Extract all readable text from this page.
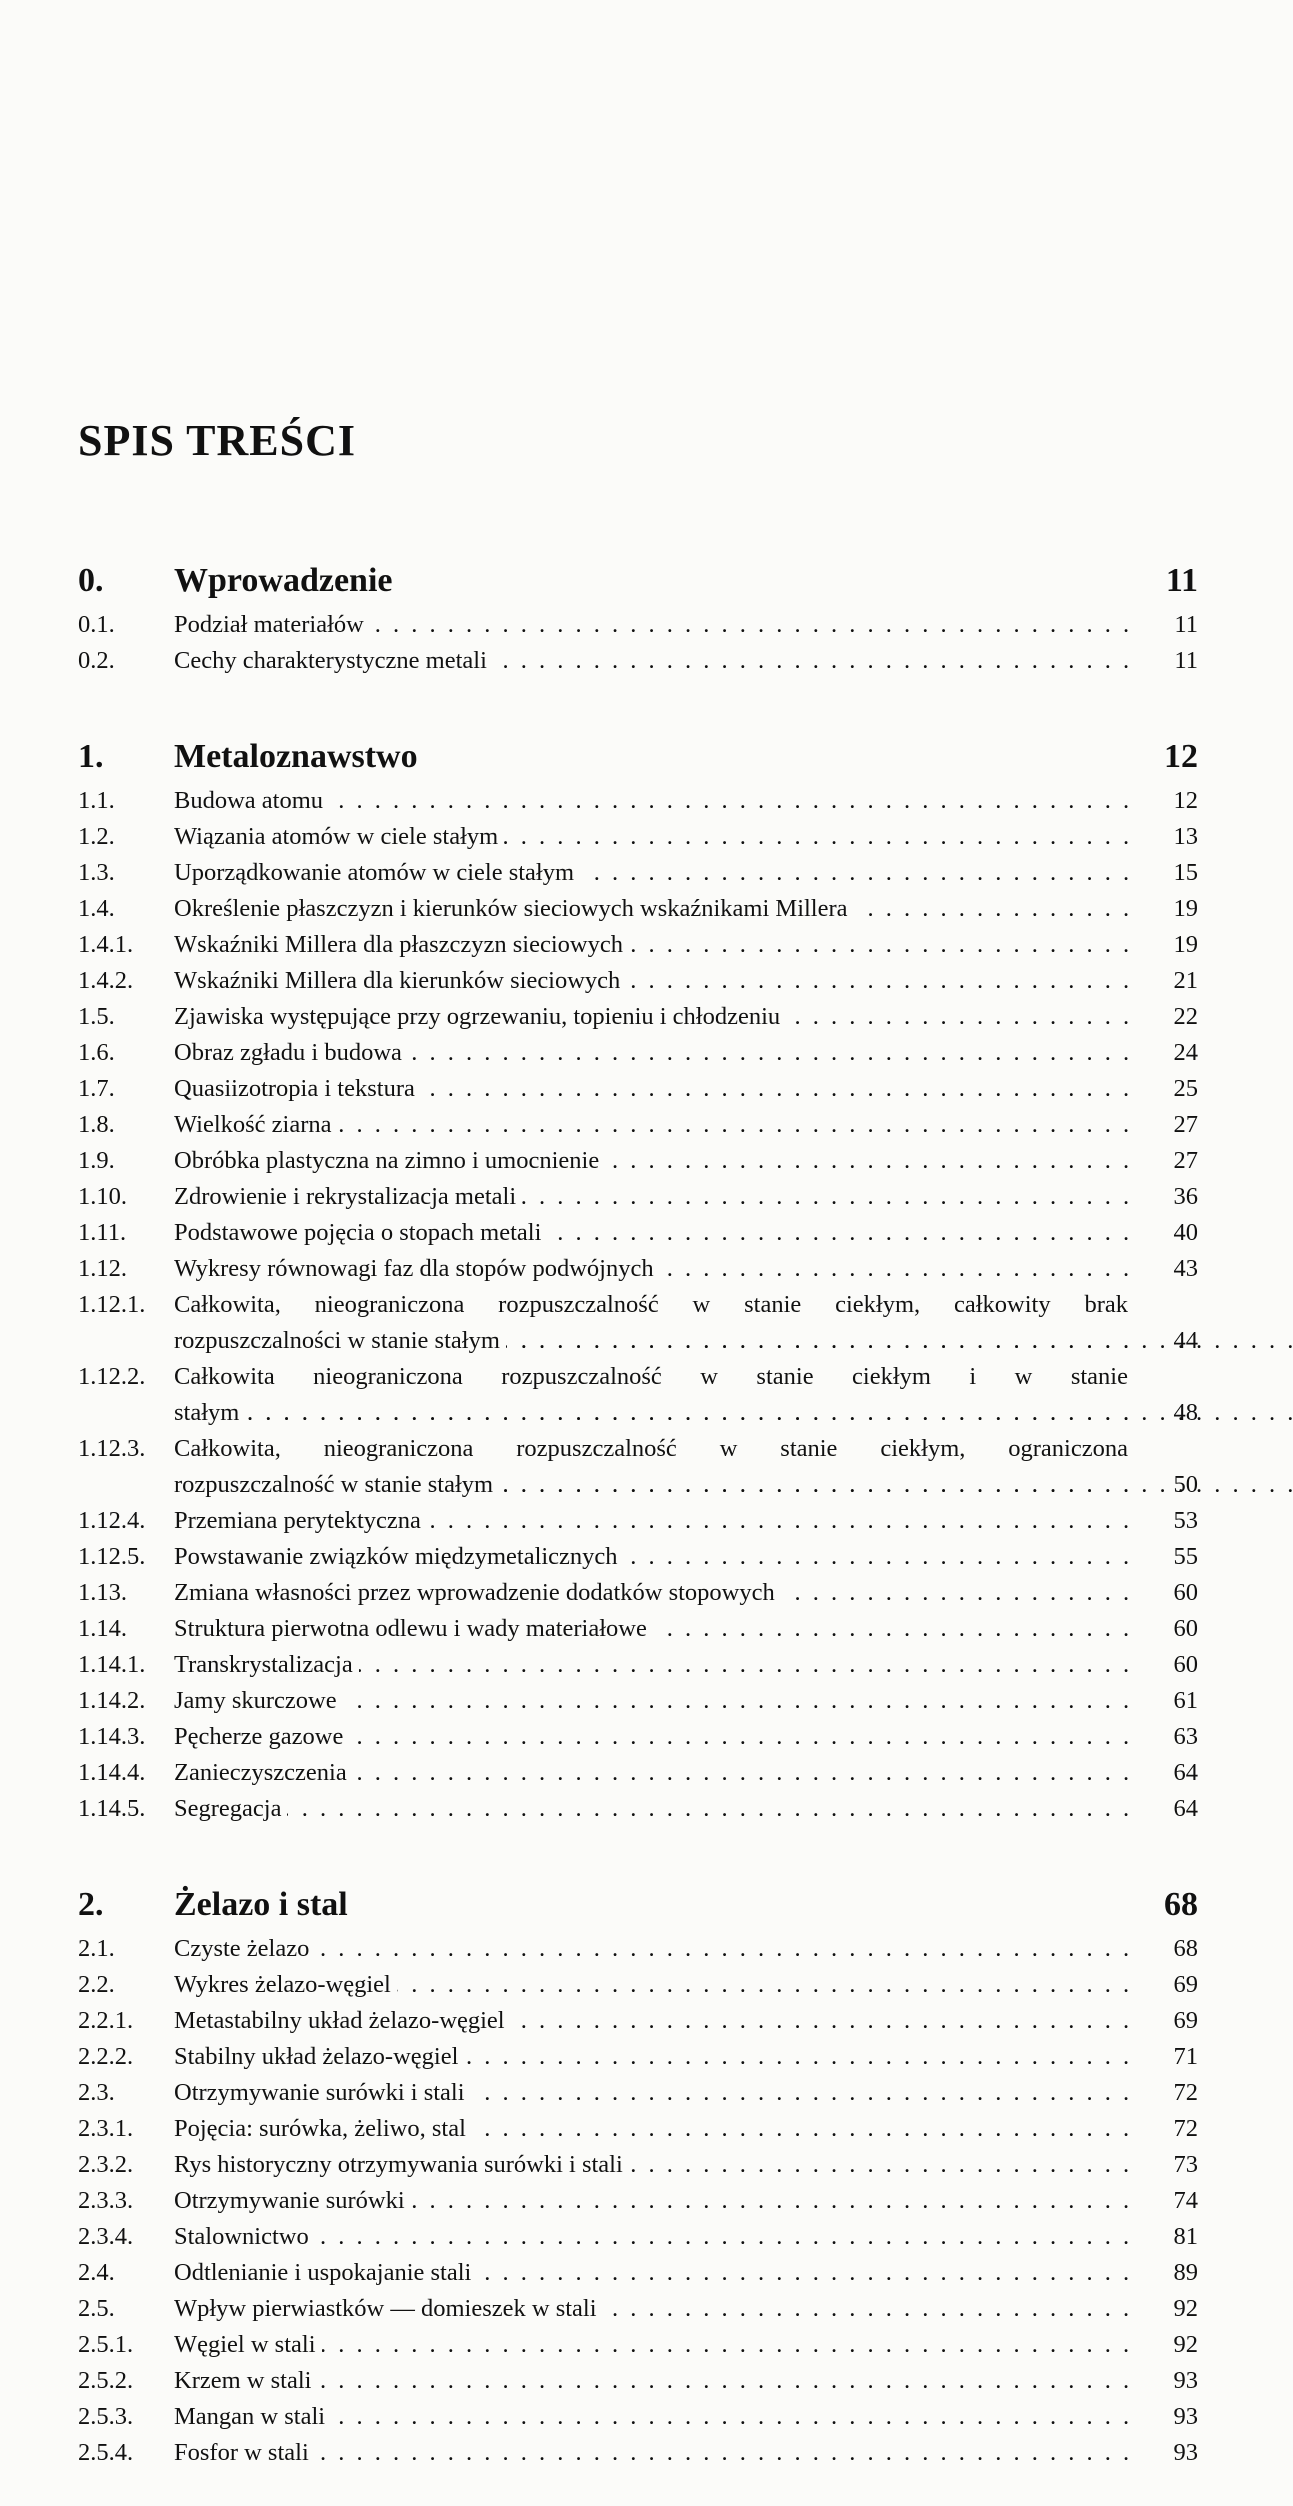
SPIS TREŚCI
0.	Wprowadzenie	11
0.1.	Podział materiałów . . .	11
0.2.	Cechy charakterystyczne metali . . .	11
1.	Metaloznawstwo	12
1.1.	Budowa atomu . . .	12
1.2.	Wiązania atomów w ciele stałym . . .	13
1.3.	Uporządkowanie atomów w ciele stałym . . .	15
1.4.	Określenie płaszczyzn i kierunków sieciowych wskaźnikami Millera . . .	19
1.4.1.	Wskaźniki Millera dla płaszczyzn sieciowych . . .	19
1.4.2.	Wskaźniki Millera dla kierunków sieciowych . . .	21
1.5.	Zjawiska występujące przy ogrzewaniu, topieniu i chłodzeniu . . .	22
1.6.	Obraz zgładu i budowa . . .	24
1.7.	Quasiizotropia i tekstura . . .	25
1.8.	Wielkość ziarna . . .	27
1.9.	Obróbka plastyczna na zimno i umocnienie . . .	27
1.10.	Zdrowienie i rekrystalizacja metali . . .	36
1.11.	Podstawowe pojęcia o stopach metali . . .	40
1.12.	Wykresy równowagi faz dla stopów podwójnych . . .	43
1.12.1.	Całkowita, nieograniczona rozpuszczalność w stanie ciekłym, całkowity brak
rozpuszczalności w stanie stałym . . .
. . .	44
1.12.2.	Całkowita nieograniczona rozpuszczalność w stanie ciekłym i w stanie
stałym . . .
. . .	48
1.12.3.	Całkowita, nieograniczona rozpuszczalność w stanie ciekłym, ograniczona
rozpuszczalność w stanie stałym . . .
. . .	50
1.12.4.	Przemiana perytektyczna . . .	53
1.12.5.	Powstawanie związków międzymetalicznych . . .	55
1.13.	Zmiana własności przez wprowadzenie dodatków stopowych . . .	60
1.14.	Struktura pierwotna odlewu i wady materiałowe . . .	60
1.14.1.	Transkrystalizacja . . .	60
1.14.2.	Jamy skurczowe . . .	61
1.14.3.	Pęcherze gazowe . . .	63
1.14.4.	Zanieczyszczenia . . .	64
1.14.5.	Segregacja . . .	64
2.	Żelazo i stal	68
2.1.	Czyste żelazo . . .	68
2.2.	Wykres żelazo-węgiel . . .	69
2.2.1.	Metastabilny układ żelazo-węgiel . . .	69
2.2.2.	Stabilny układ żelazo-węgiel . . .	71
2.3.	Otrzymywanie surówki i stali . . .	72
2.3.1.	Pojęcia: surówka, żeliwo, stal . . .	72
2.3.2.	Rys historyczny otrzymywania surówki i stali . . .	73
2.3.3.	Otrzymywanie surówki . . .	74
2.3.4.	Stalownictwo . . .	81
2.4.	Odtlenianie i uspokajanie stali . . .	89
2.5.	Wpływ pierwiastków — domieszek w stali . . .	92
2.5.1.	Węgiel w stali . . .	92
2.5.2.	Krzem w stali . . .	93
2.5.3.	Mangan w stali . . .	93
2.5.4.	Fosfor w stali . . .	93
